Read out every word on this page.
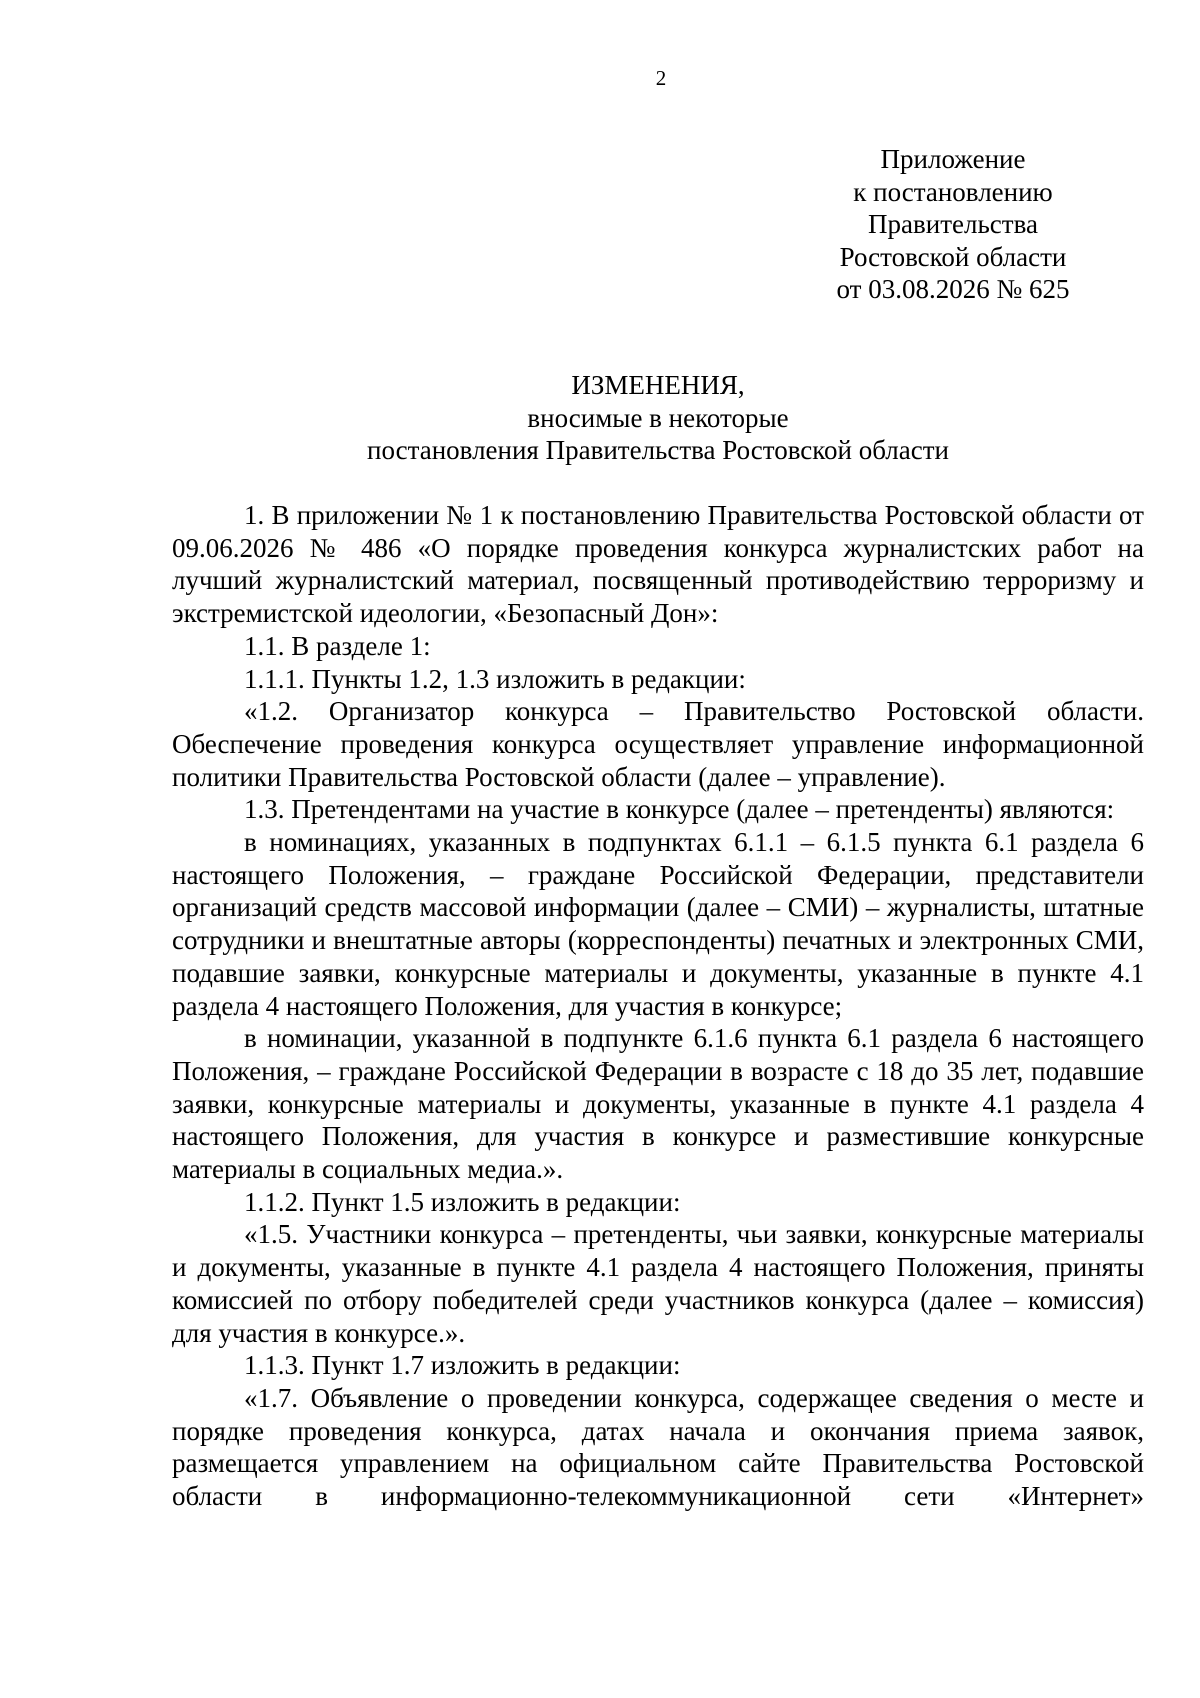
2
Приложение
к постановлению
Правительства
Ростовской области
от 03.08.2026 № 625
ИЗМЕНЕНИЯ,
вносимые в некоторые
постановления Правительства Ростовской области

1. В приложении № 1 к постановлению Правительства Ростовской области от 09.06.2026 № 486 «О порядке проведения конкурса журналистских работ на лучший журналистский материал, посвященный противодействию терроризму и экстремистской идеологии, «Безопасный Дон»:

1.1. В разделе 1:

1.1.1. Пункты 1.2, 1.3 изложить в редакции:

«1.2. Организатор конкурса – Правительство Ростовской области. Обеспечение проведения конкурса осуществляет управление информационной политики Правительства Ростовской области (далее – управление).

1.3. Претендентами на участие в конкурсе (далее – претенденты) являются:

в номинациях, указанных в подпунктах 6.1.1 – 6.1.5 пункта 6.1 раздела 6 настоящего Положения, – граждане Российской Федерации, представители организаций средств массовой информации (далее – СМИ) – журналисты, штатные сотрудники и внештатные авторы (корреспонденты) печатных и электронных СМИ, подавшие заявки, конкурсные материалы и документы, указанные в пункте 4.1 раздела 4 настоящего Положения, для участия в конкурсе;

в номинации, указанной в подпункте 6.1.6 пункта 6.1 раздела 6 настоящего Положения, – граждане Российской Федерации в возрасте с 18 до 35 лет, подавшие заявки, конкурсные материалы и документы, указанные в пункте 4.1 раздела 4 настоящего Положения, для участия в конкурсе и разместившие конкурсные материалы в социальных медиа.».

1.1.2. Пункт 1.5 изложить в редакции:

«1.5. Участники конкурса – претенденты, чьи заявки, конкурсные материалы и документы, указанные в пункте 4.1 раздела 4 настоящего Положения, приняты комиссией по отбору победителей среди участников конкурса (далее – комиссия) для участия в конкурсе.».

1.1.3. Пункт 1.7 изложить в редакции:

«1.7. Объявление о проведении конкурса, содержащее сведения о месте и порядке проведения конкурса, датах начала и окончания приема заявок, размещается управлением на официальном сайте Правительства Ростовской области в информационно-телекоммуникационной сети «Интернет»
